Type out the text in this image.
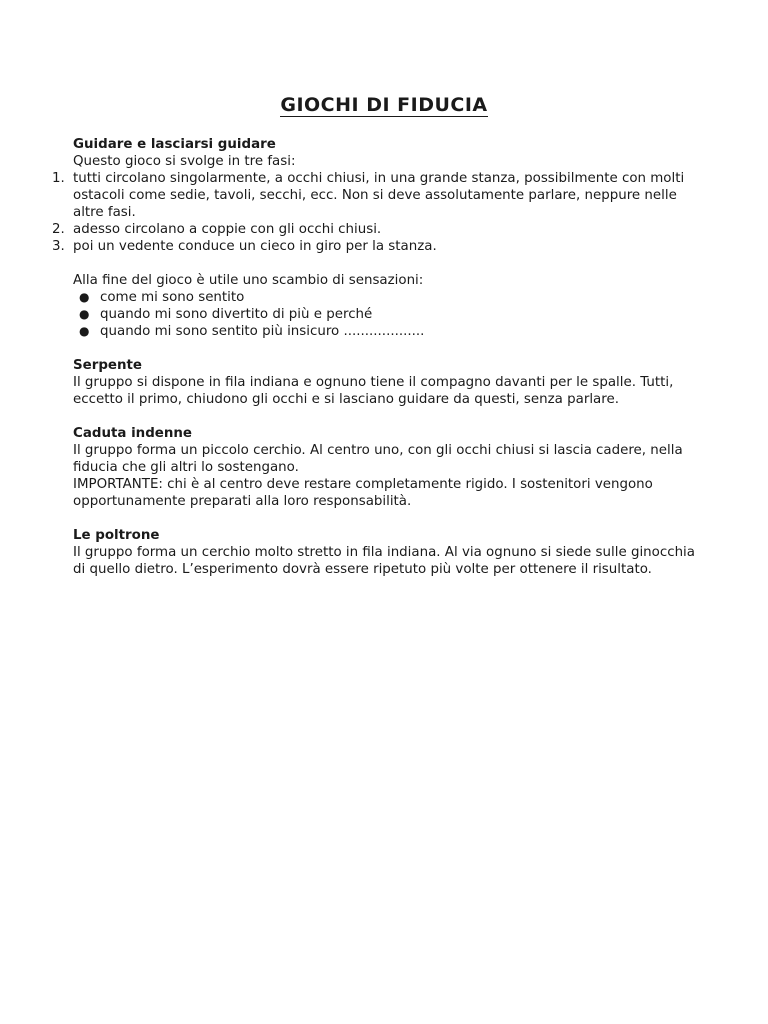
GIOCHI DI FIDUCIA
Guidare e lasciarsi guidare

Questo gioco si svolge in tre fasi:

1. tutti circolano singolarmente, a occhi chiusi, in una grande stanza, possibilmente con molti ostacoli come sedie, tavoli, secchi, ecc. Non si deve assolutamente parlare, neppure nelle altre fasi.
2. adesso circolano a coppie con gli occhi chiusi.
3. poi un vedente conduce un cieco in giro per la stanza.

Alla fine del gioco è utile uno scambio di sensazioni:

● come mi sono sentito
● quando mi sono divertito di più e perché
● quando mi sono sentito più insicuro ...................
Serpente

Il gruppo si dispone in fila indiana e ognuno tiene il compagno davanti per le spalle. Tutti, eccetto il primo, chiudono gli occhi e si lasciano guidare da questi, senza parlare.

Caduta indenne

Il gruppo forma un piccolo cerchio. Al centro uno, con gli occhi chiusi si lascia cadere, nella fiducia che gli altri lo sostengano.

IMPORTANTE: chi è al centro deve restare completamente rigido. I sostenitori vengono opportunamente preparati alla loro responsabilità.

Le poltrone

Il gruppo forma un cerchio molto stretto in fila indiana. Al via ognuno si siede sulle ginocchia di quello dietro. L’esperimento dovrà essere ripetuto più volte per ottenere il risultato.
